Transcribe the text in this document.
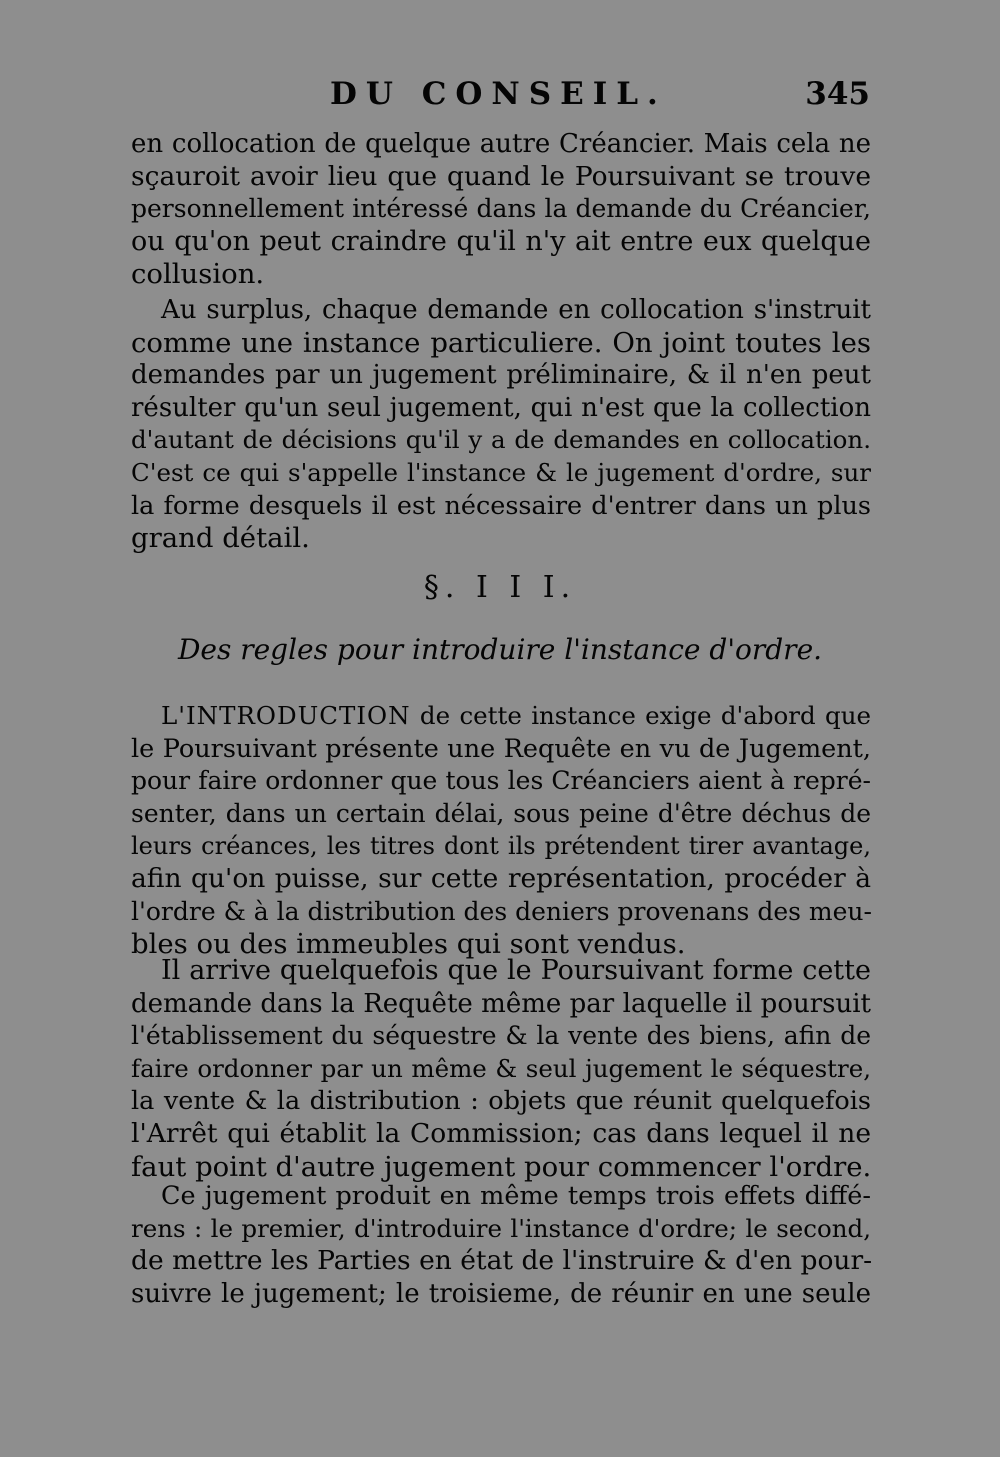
DU CONSEIL.	345
en collocation de quelque autre Créancier. Mais cela ne
sçauroit avoir lieu que quand le Poursuivant se trouve
personnellement intéressé dans la demande du Créancier,
ou qu'on peut craindre qu'il n'y ait entre eux quelque
collusion.
Au surplus, chaque demande en collocation s'instruit
comme une instance particuliere. On joint toutes les
demandes par un jugement préliminaire, & il n'en peut
résulter qu'un seul jugement, qui n'est que la collection
d'autant de décisions qu'il y a de demandes en collocation.
C'est ce qui s'appelle l'instance & le jugement d'ordre, sur
la forme desquels il est nécessaire d'entrer dans un plus
grand détail.
§. I I I.
Des regles pour introduire l'instance d'ordre.
L'INTRODUCTION de cette instance exige d'abord que
le Poursuivant présente une Requête en vu de Jugement,
pour faire ordonner que tous les Créanciers aient à repré-
senter, dans un certain délai, sous peine d'être déchus de
leurs créances, les titres dont ils prétendent tirer avantage,
afin qu'on puisse, sur cette représentation, procéder à
l'ordre & à la distribution des deniers provenans des meu-
bles ou des immeubles qui sont vendus.
Il arrive quelquefois que le Poursuivant forme cette
demande dans la Requête même par laquelle il poursuit
l'établissement du séquestre & la vente des biens, afin de
faire ordonner par un même & seul jugement le séquestre,
la vente & la distribution : objets que réunit quelquefois
l'Arrêt qui établit la Commission; cas dans lequel il ne
faut point d'autre jugement pour commencer l'ordre.
Ce jugement produit en même temps trois effets diffé-
rens : le premier, d'introduire l'instance d'ordre; le second,
de mettre les Parties en état de l'instruire & d'en pour-
suivre le jugement; le troisieme, de réunir en une seule
